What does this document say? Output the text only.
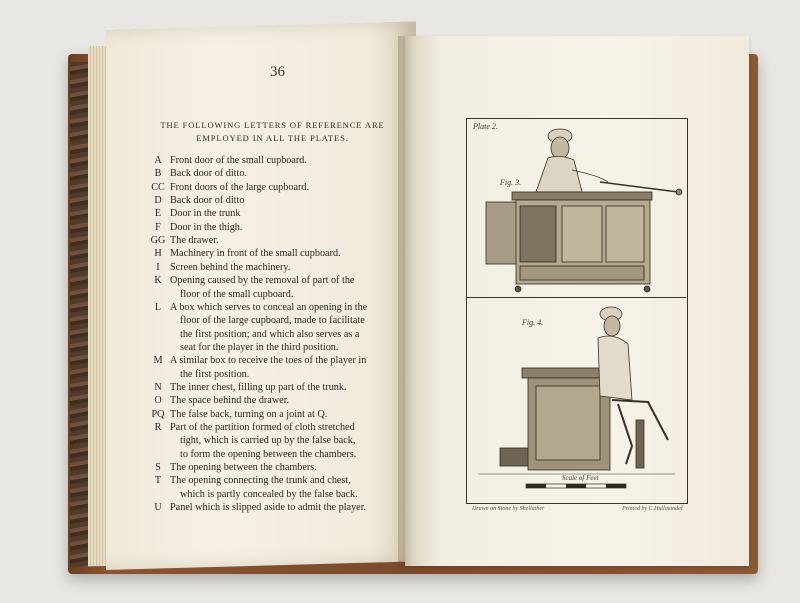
36
THE FOLLOWING LETTERS OF REFERENCE ARE
EMPLOYED IN ALL THE PLATES.
A Front door of the small cupboard.
B Back door of ditto.
CC Front doors of the large cupboard.
D Back door of ditto
E Door in the trunk
F Door in the thigh.
GG The drawer.
H Machinery in front of the small cupboard.
I Screen behind the machinery.
K Opening caused by the removal of part of the
floor of the small cupboard.
L A box which serves to conceal an opening in the
floor of the large cupboard, made to facilitate
the first position; and which also serves as a
seat for the player in the third position.
M A similar box to receive the toes of the player in
the first position.
N The inner chest, filling up part of the trunk.
O The space behind the drawer.
PQ The false back, turning on a joint at Q.
R Part of the partition formed of cloth stretched
tight, which is carried up by the false back,
to form the opening between the chambers.
S The opening between the chambers.
T The opening connecting the trunk and chest,
which is partly concealed by the false back.
U Panel which is slipped aside to admit the player.
Plate 2.
Fig. 3.
Fig. 4.
Scale of Feet
Drawn on Stone by Shellather	Printed by C.Hullmandel
